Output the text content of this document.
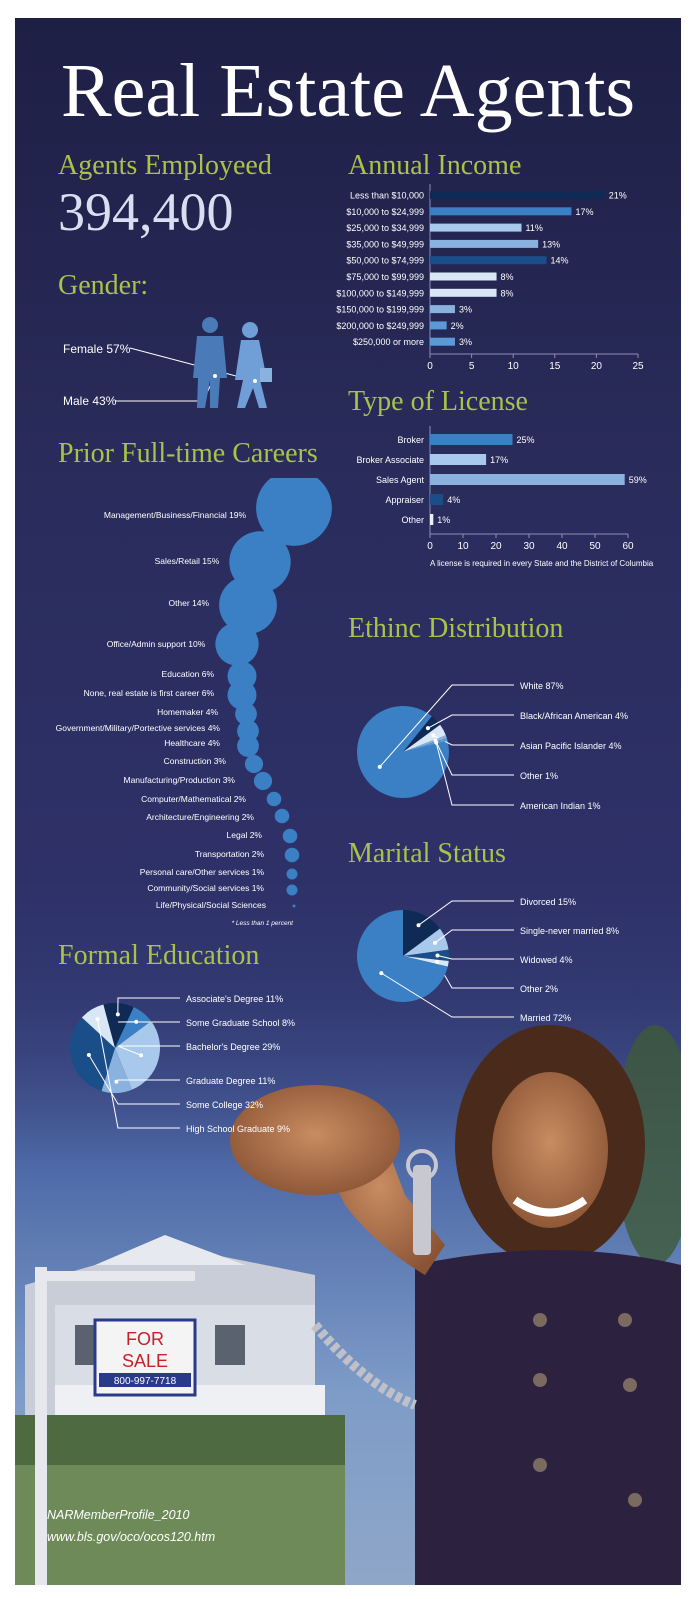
FOR
SALE
800-997-7718
Real Estate Agents
Agents Employeed
394,400
Gender:
Female 57%
Male 43%
Annual Income
Less than $10,000	21%
$10,000 to $24,999	17%
$25,000 to $34,999	11%
$35,000 to $49,999	13%
$50,000 to $74,999	14%
$75,000 to $99,999	8%
$100,000 to $149,999	8%
$150,000 to $199,999	3%
$200,000 to $249,999	2%
$250,000 or more	3%
0	5	10	15	20	25
Type of License
Broker	25%
Broker Associate	17%
Sales Agent	59%
Appraiser	4%
Other 1%
0 10 20 30 40 50 60
A license is required in every State and the District of Columbia
Prior Full-time Careers
Management/Business/Financial 19%
Sales/Retail 15%
Other 14%
Office/Admin support 10%
Education 6%
None, real estate is first career 6%
Homemaker 4%
Government/Military/Portective services 4%
Healthcare 4%
Construction 3%
Manufacturing/Production 3%
Computer/Mathematical 2%
Architecture/Engineering 2%
Legal 2%
Transportation 2%
Personal care/Other services 1%
Community/Social services 1%
Life/Physical/Social Sciences
* Less than 1 percent
Ethinc Distribution
White 87%
Black/African American 4%
Asian Pacific Islander 4%
Other 1%
American Indian 1%
Marital Status
Divorced 15%
Single-never married 8%
Widowed 4%
Other 2%
Married 72%
Formal Education
Associate's Degree 11%
Some Graduate School 8%
Bachelor's Degree 29%
Graduate Degree 11%
Some College 32%
High School Graduate 9%
NARMemberProfile_2010
www.bls.gov/oco/ocos120.htm
